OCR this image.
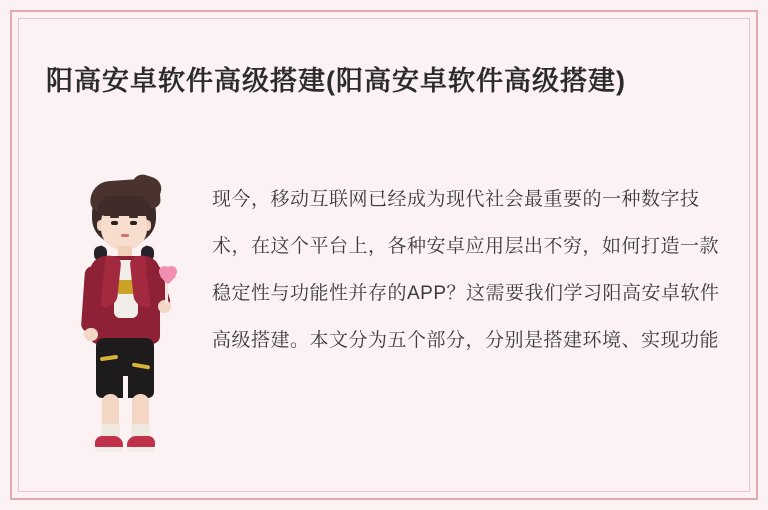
阳高安卓软件高级搭建(阳高安卓软件高级搭建)
现今，移动互联网已经成为现代社会最重要的一种数字技术，在这个平台上，各种安卓应用层出不穷，如何打造一款稳定性与功能性并存的APP？这需要我们学习阳高安卓软件高级搭建。本文分为五个部分，分别是搭建环境、实现功能
